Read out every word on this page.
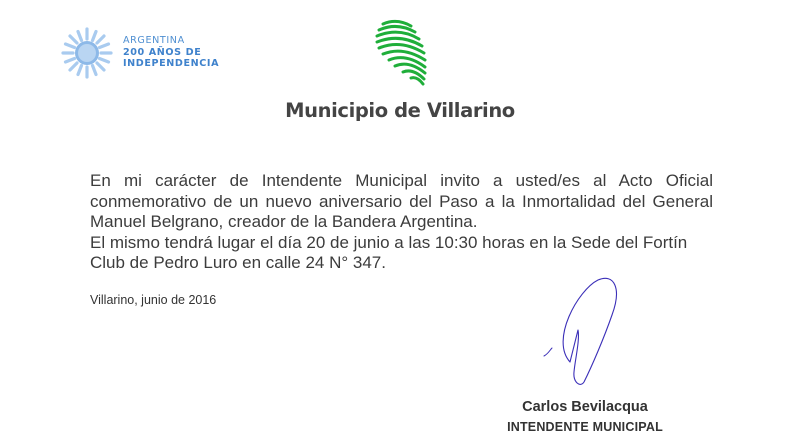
ARGENTINA
200 AÑOS DE
INDEPENDENCIA
Municipio de Villarino

En mi carácter de Intendente Municipal invito a usted/es al Acto Oficial conmemorativo de un nuevo aniversario del Paso a la Inmortalidad del General Manuel Belgrano, creador de la Bandera Argentina.

El mismo tendrá lugar el día 20 de junio a las 10:30 horas en la Sede del Fortín Club de Pedro Luro en calle 24 N° 347.

Villarino, junio de 2016
Carlos Bevilacqua
INTENDENTE MUNICIPAL
